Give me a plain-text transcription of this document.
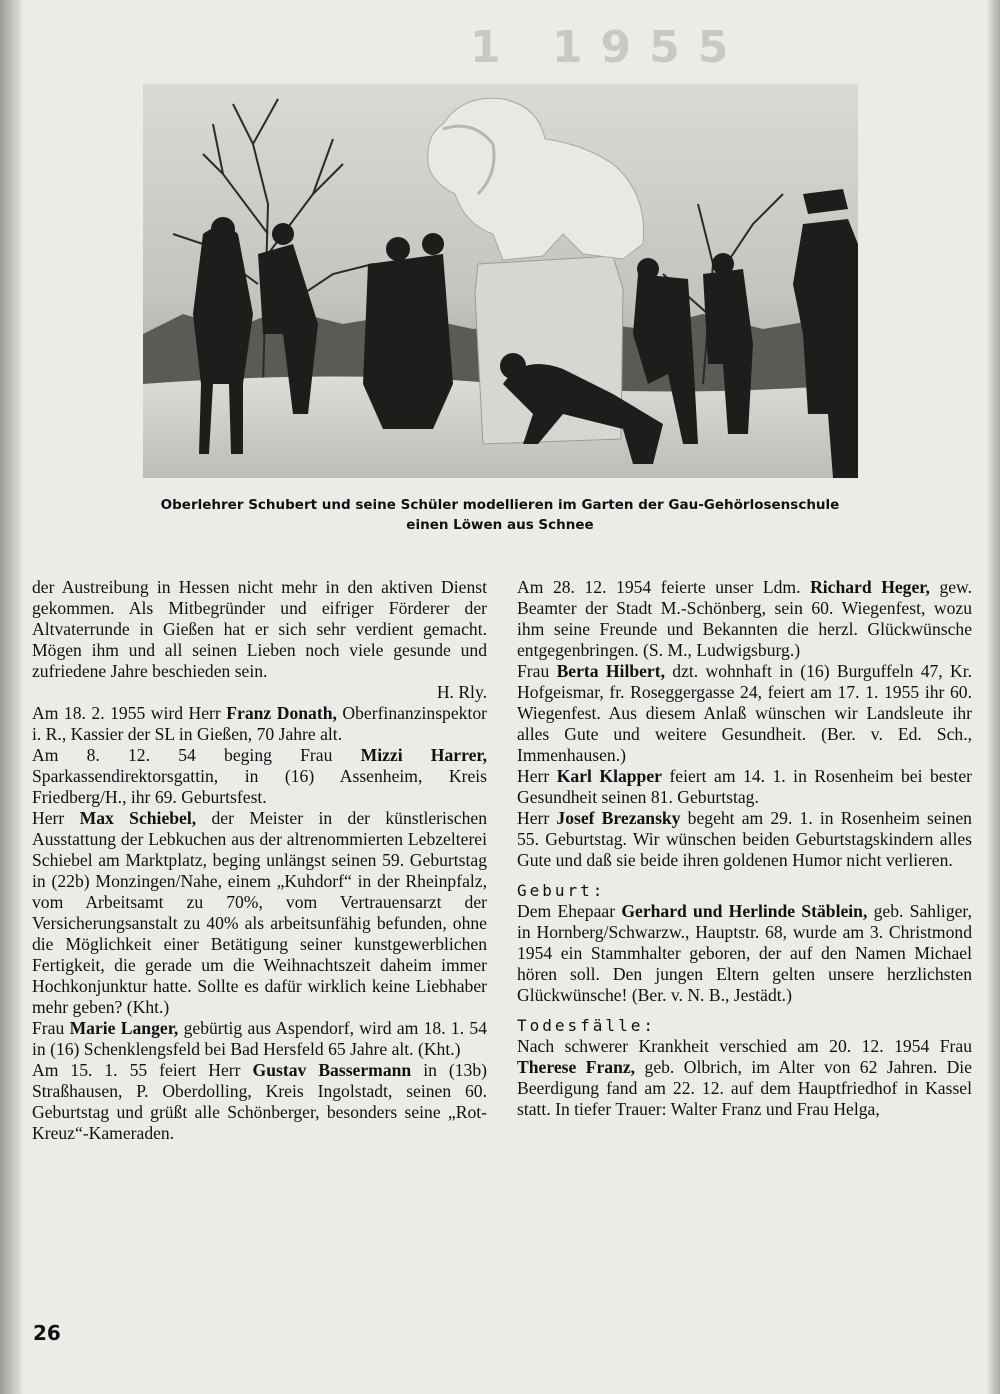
1 1955
Oberlehrer Schubert und seine Schüler modellieren im Garten der Gau-Gehörlosenschule
einen Löwen aus Schnee

der Austreibung in Hessen nicht mehr in den aktiven Dienst gekommen. Als Mitbegründer und eifriger Förderer der Altvaterrunde in Gießen hat er sich sehr verdient gemacht. Mögen ihm und all seinen Lieben noch viele gesunde und zufriedene Jahre beschieden sein.

H. Rly.

Am 18. 2. 1955 wird Herr Franz Donath, Oberfinanzinspektor i. R., Kassier der SL in Gießen, 70 Jahre alt.

Am 8. 12. 54 beging Frau Mizzi Harrer, Sparkassendirektorsgattin, in (16) Assenheim, Kreis Friedberg/H., ihr 69. Geburtsfest.

Herr Max Schiebel, der Meister in der künstlerischen Ausstattung der Lebkuchen aus der altrenommierten Lebzelterei Schiebel am Marktplatz, beging unlängst seinen 59. Geburtstag in (22b) Monzingen/Nahe, einem „Kuhdorf“ in der Rheinpfalz, vom Arbeitsamt zu 70%, vom Vertrauensarzt der Versicherungsanstalt zu 40% als arbeitsunfähig befunden, ohne die Möglichkeit einer Betätigung seiner kunstgewerblichen Fertigkeit, die gerade um die Weihnachtszeit daheim immer Hochkonjunktur hatte. Sollte es dafür wirklich keine Liebhaber mehr geben? (Kht.)

Frau Marie Langer, gebürtig aus Aspendorf, wird am 18. 1. 54 in (16) Schenklengsfeld bei Bad Hersfeld 65 Jahre alt. (Kht.)

Am 15. 1. 55 feiert Herr Gustav Bassermann in (13b) Straßhausen, P. Oberdolling, Kreis Ingolstadt, seinen 60. Geburtstag und grüßt alle Schönberger, besonders seine „Rot-Kreuz“-Kameraden.

Am 28. 12. 1954 feierte unser Ldm. Richard Heger, gew. Beamter der Stadt M.-Schönberg, sein 60. Wiegenfest, wozu ihm seine Freunde und Bekannten die herzl. Glückwünsche entgegenbringen. (S. M., Ludwigsburg.)

Frau Berta Hilbert, dzt. wohnhaft in (16) Burguffeln 47, Kr. Hofgeismar, fr. Roseggergasse 24, feiert am 17. 1. 1955 ihr 60. Wiegenfest. Aus diesem Anlaß wünschen wir Landsleute ihr alles Gute und weitere Gesundheit. (Ber. v. Ed. Sch., Immenhausen.)

Herr Karl Klapper feiert am 14. 1. in Rosenheim bei bester Gesundheit seinen 81. Geburtstag.

Herr Josef Brezansky begeht am 29. 1. in Rosenheim seinen 55. Geburtstag. Wir wünschen beiden Geburtstagskindern alles Gute und daß sie beide ihren goldenen Humor nicht verlieren.

Geburt:

Dem Ehepaar Gerhard und Herlinde Stäblein, geb. Sahliger, in Hornberg/Schwarzw., Hauptstr. 68, wurde am 3. Christmond 1954 ein Stammhalter geboren, der auf den Namen Michael hören soll. Den jungen Eltern gelten unsere herzlichsten Glückwünsche! (Ber. v. N. B., Jestädt.)

Todesfälle:

Nach schwerer Krankheit verschied am 20. 12. 1954 Frau Therese Franz, geb. Olbrich, im Alter von 62 Jahren. Die Beerdigung fand am 22. 12. auf dem Hauptfriedhof in Kassel statt. In tiefer Trauer: Walter Franz und Frau Helga,

26
